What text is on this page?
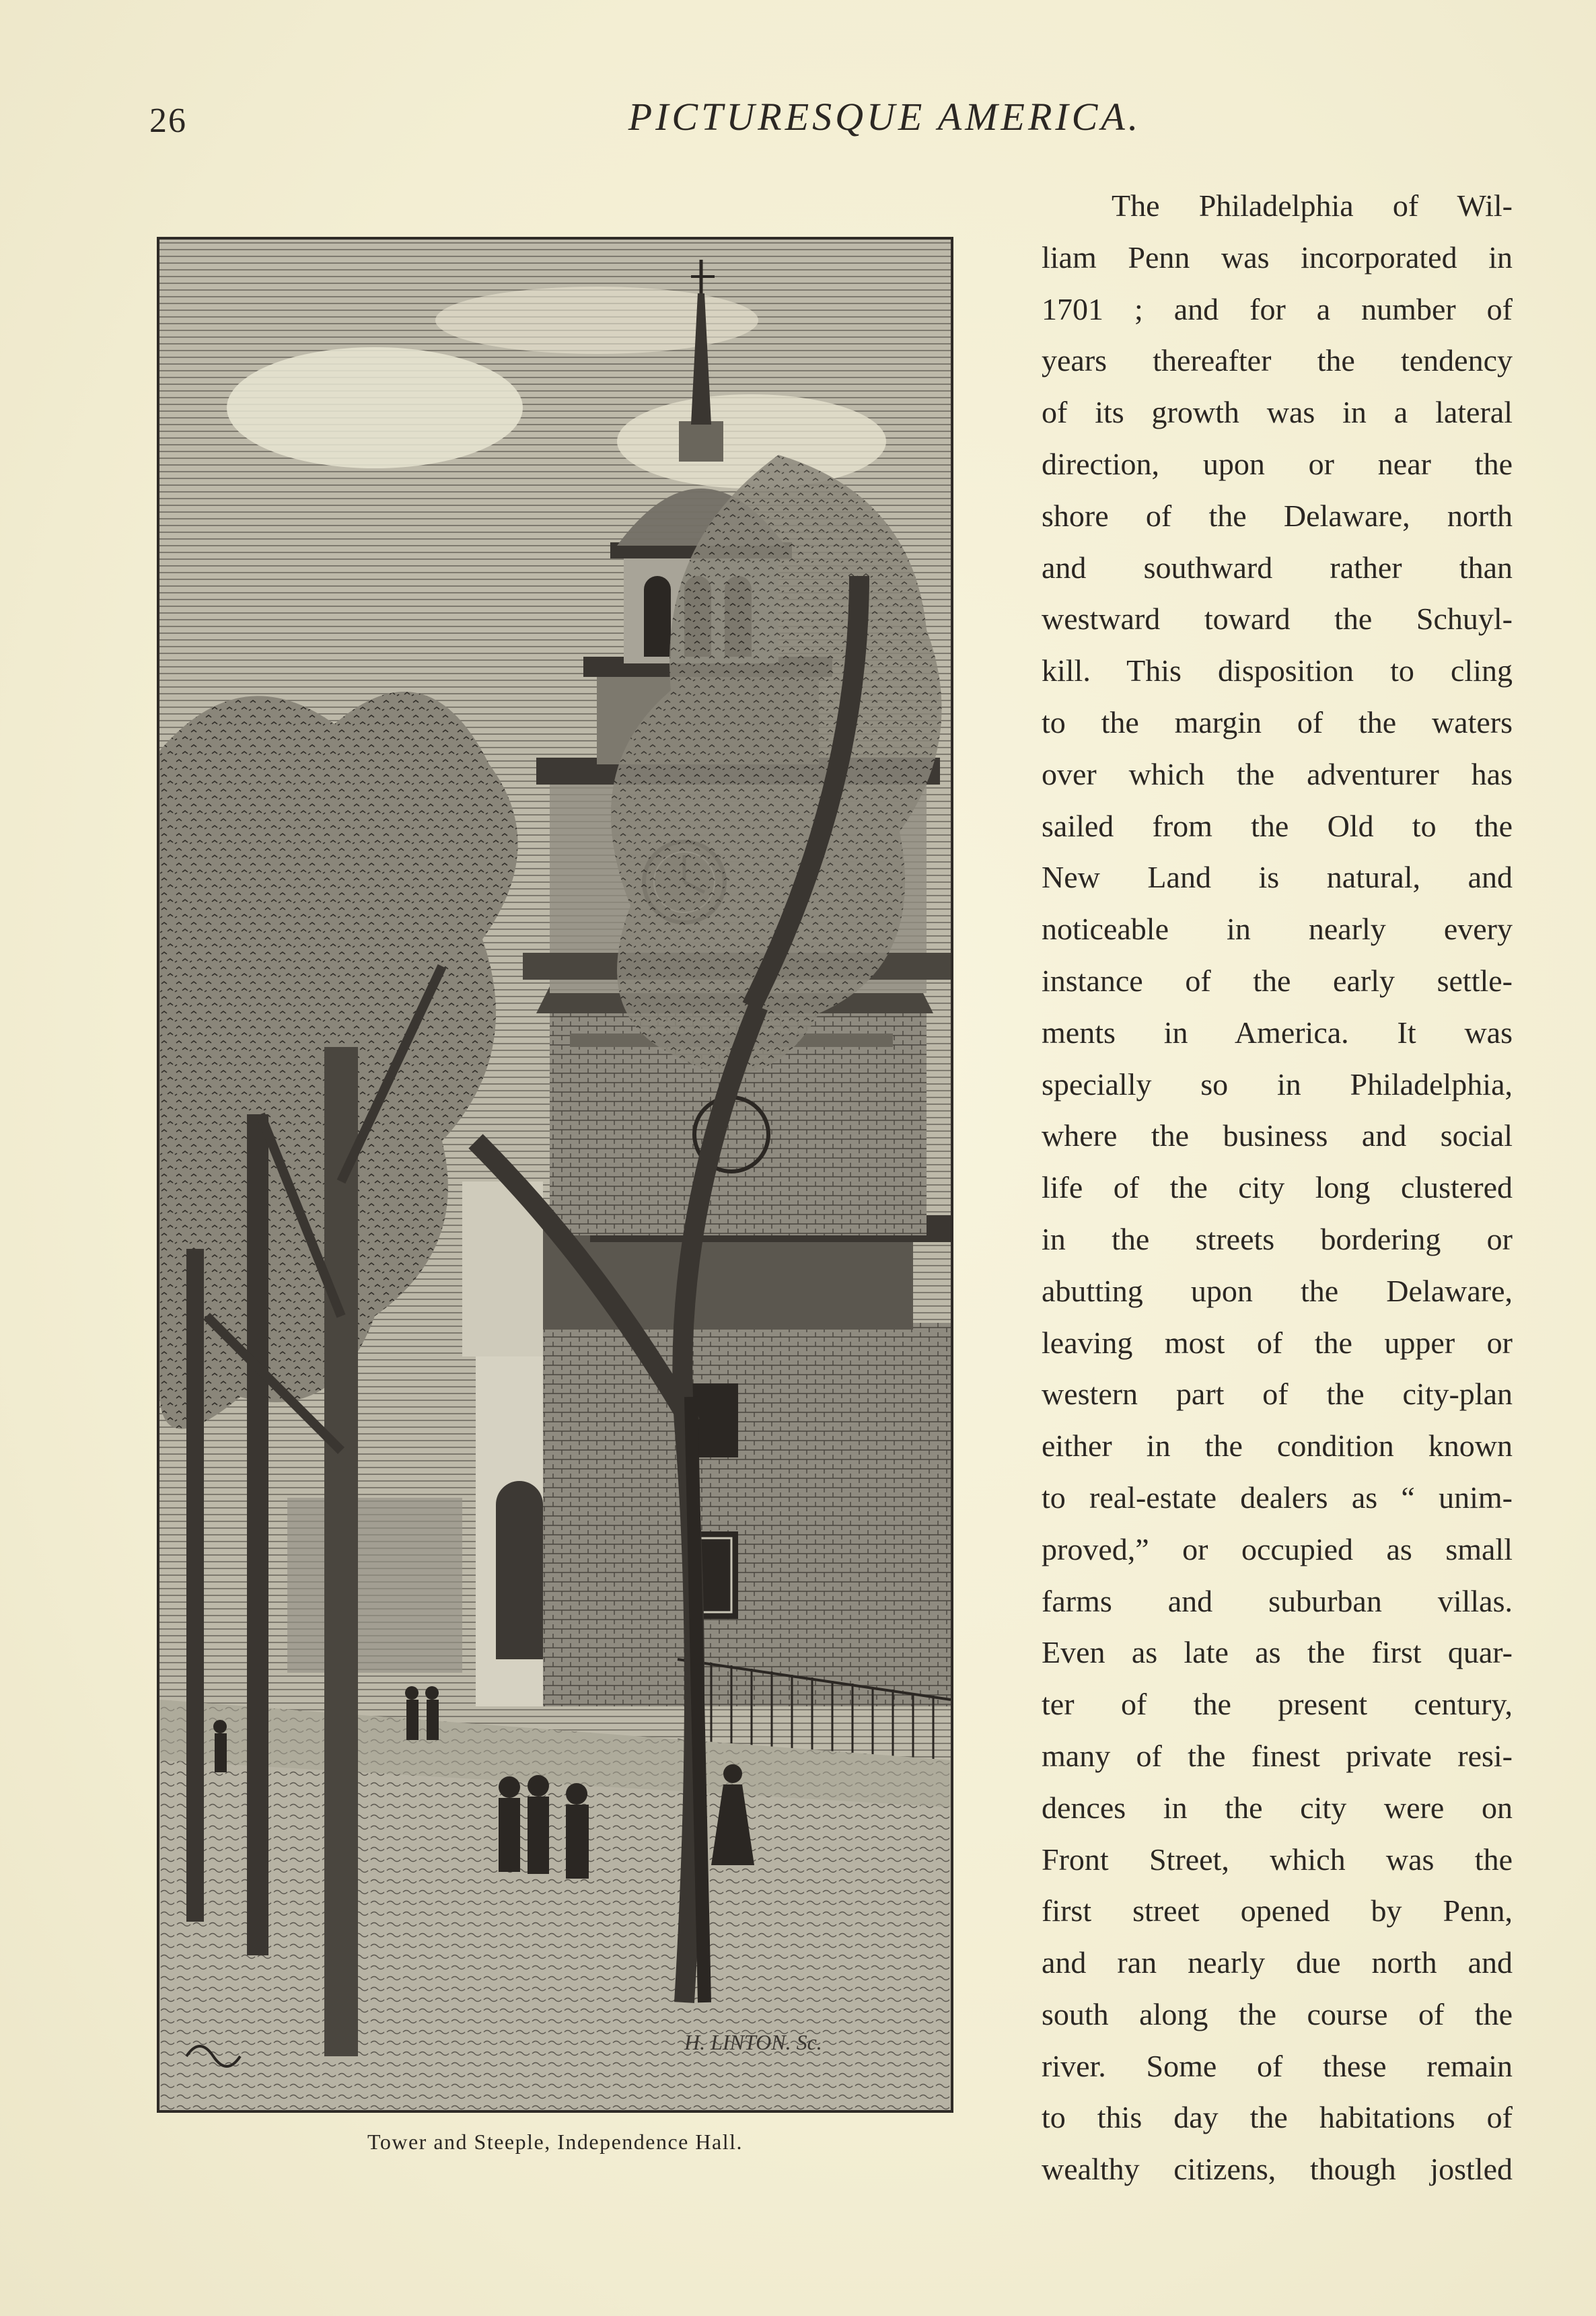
26	PICTURESQUE AMERICA.
H. LINTON. Sc.
Tower and Steeple, Independence Hall.
The Philadelphia of Wil-
liam Penn was incorporated in
1701 ; and for a number of
years thereafter the tendency
of its growth was in a lateral
direction, upon or near the
shore of the Delaware, north
and southward rather than
westward toward the Schuyl-
kill. This disposition to cling
to the margin of the waters
over which the adventurer has
sailed from the Old to the
New Land is natural, and
noticeable in nearly every
instance of the early settle-
ments in America. It was
specially so in Philadelphia,
where the business and social
life of the city long clustered
in the streets bordering or
abutting upon the Delaware,
leaving most of the upper or
western part of the city-plan
either in the condition known
to real-estate dealers as “ unim-
proved,” or occupied as small
farms and suburban villas.
Even as late as the first quar-
ter of the present century,
many of the finest private resi-
dences in the city were on
Front Street, which was the
first street opened by Penn,
and ran nearly due north and
south along the course of the
river. Some of these remain
to this day the habitations of
wealthy citizens, though jostled
